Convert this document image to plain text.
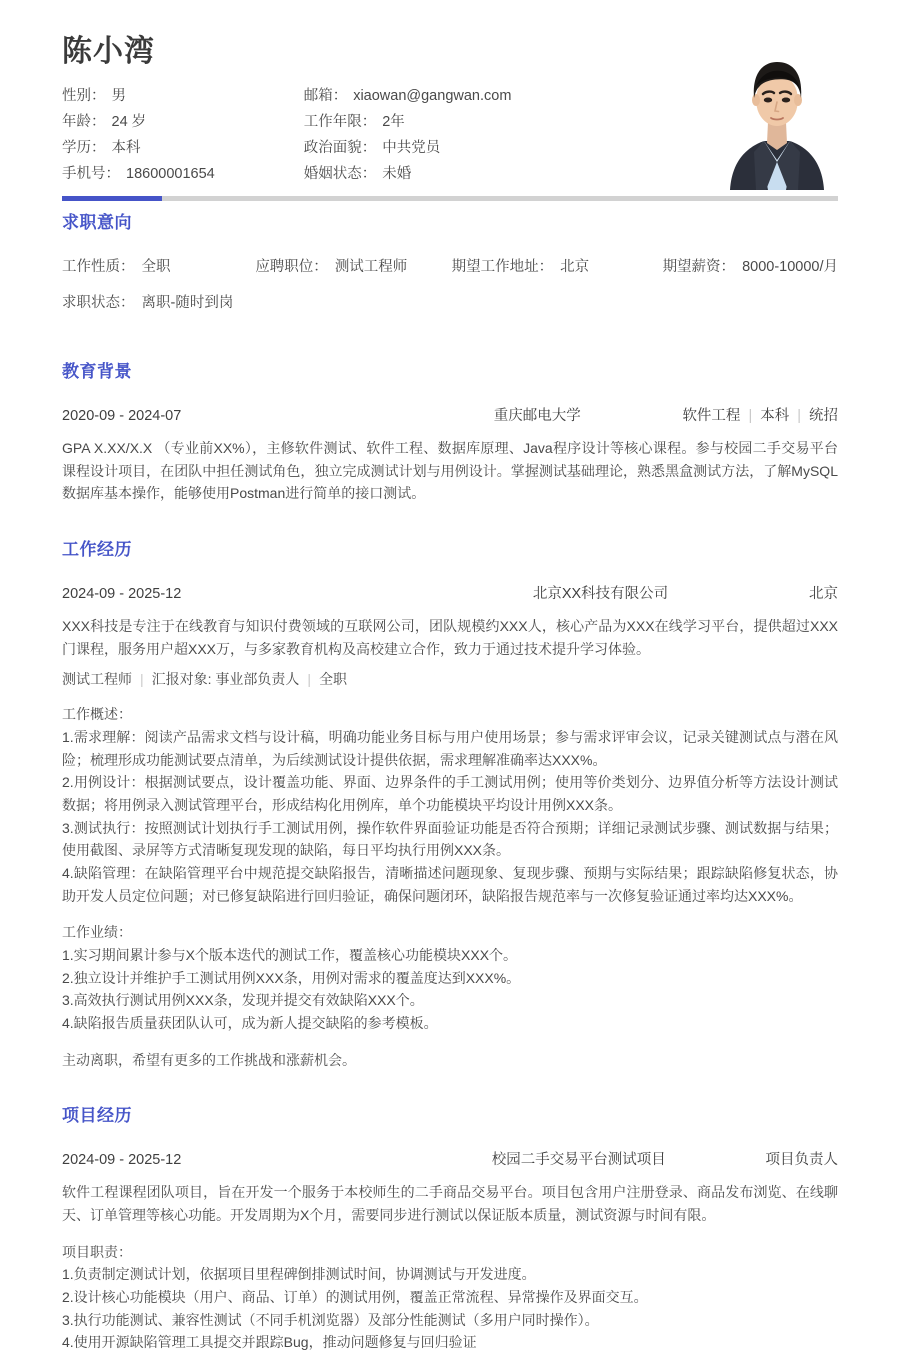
陈小湾
性别： 男	邮箱： xiaowan@gangwan.com
年龄： 24 岁	工作年限： 2年
学历： 本科	政治面貌： 中共党员
手机号： 18600001654	婚姻状态： 未婚
求职意向
工作性质： 全职	应聘职位： 测试工程师	期望工作地址： 北京	期望薪资： 8000-10000/月
求职状态： 离职-随时到岗
教育背景
2020-09 - 2024-07	重庆邮电大学	软件工程 | 本科 | 统招
GPA X.XX/X.X （专业前XX%），主修软件测试、软件工程、数据库原理、Java程序设计等核心课程。参与校园二手交易平台课程设计项目，在团队中担任测试角色，独立完成测试计划与用例设计。掌握测试基础理论，熟悉黑盒测试方法，了解MySQL数据库基本操作，能够使用Postman进行简单的接口测试。
工作经历
2024-09 - 2025-12	北京XX科技有限公司	北京
XXX科技是专注于在线教育与知识付费领域的互联网公司，团队规模约XXX人，核心产品为XXX在线学习平台，提供超过XXX门课程，服务用户超XXX万，与多家教育机构及高校建立合作，致力于通过技术提升学习体验。
测试工程师 | 汇报对象: 事业部负责人 | 全职
工作概述：
1.需求理解：阅读产品需求文档与设计稿，明确功能业务目标与用户使用场景；参与需求评审会议，记录关键测试点与潜在风险；梳理形成功能测试要点清单，为后续测试设计提供依据，需求理解准确率达XXX%。
2.用例设计：根据测试要点，设计覆盖功能、界面、边界条件的手工测试用例；使用等价类划分、边界值分析等方法设计测试数据；将用例录入测试管理平台，形成结构化用例库，单个功能模块平均设计用例XXX条。
3.测试执行：按照测试计划执行手工测试用例，操作软件界面验证功能是否符合预期；详细记录测试步骤、测试数据与结果；使用截图、录屏等方式清晰复现发现的缺陷，每日平均执行用例XXX条。
4.缺陷管理：在缺陷管理平台中规范提交缺陷报告，清晰描述问题现象、复现步骤、预期与实际结果；跟踪缺陷修复状态，协助开发人员定位问题；对已修复缺陷进行回归验证，确保问题闭环，缺陷报告规范率与一次修复验证通过率均达XXX%。
工作业绩：
1.实习期间累计参与X个版本迭代的测试工作，覆盖核心功能模块XXX个。
2.独立设计并维护手工测试用例XXX条，用例对需求的覆盖度达到XXX%。
3.高效执行测试用例XXX条，发现并提交有效缺陷XXX个。
4.缺陷报告质量获团队认可，成为新人提交缺陷的参考模板。
主动离职，希望有更多的工作挑战和涨薪机会。
项目经历
2024-09 - 2025-12	校园二手交易平台测试项目	项目负责人
软件工程课程团队项目，旨在开发一个服务于本校师生的二手商品交易平台。项目包含用户注册登录、商品发布浏览、在线聊天、订单管理等核心功能。开发周期为X个月，需要同步进行测试以保证版本质量，测试资源与时间有限。
项目职责：
1.负责制定测试计划，依据项目里程碑倒排测试时间，协调测试与开发进度。
2.设计核心功能模块（用户、商品、订单）的测试用例，覆盖正常流程、异常操作及界面交互。
3.执行功能测试、兼容性测试（不同手机浏览器）及部分性能测试（多用户同时操作）。
4.使用开源缺陷管理工具提交并跟踪Bug，推动问题修复与回归验证
